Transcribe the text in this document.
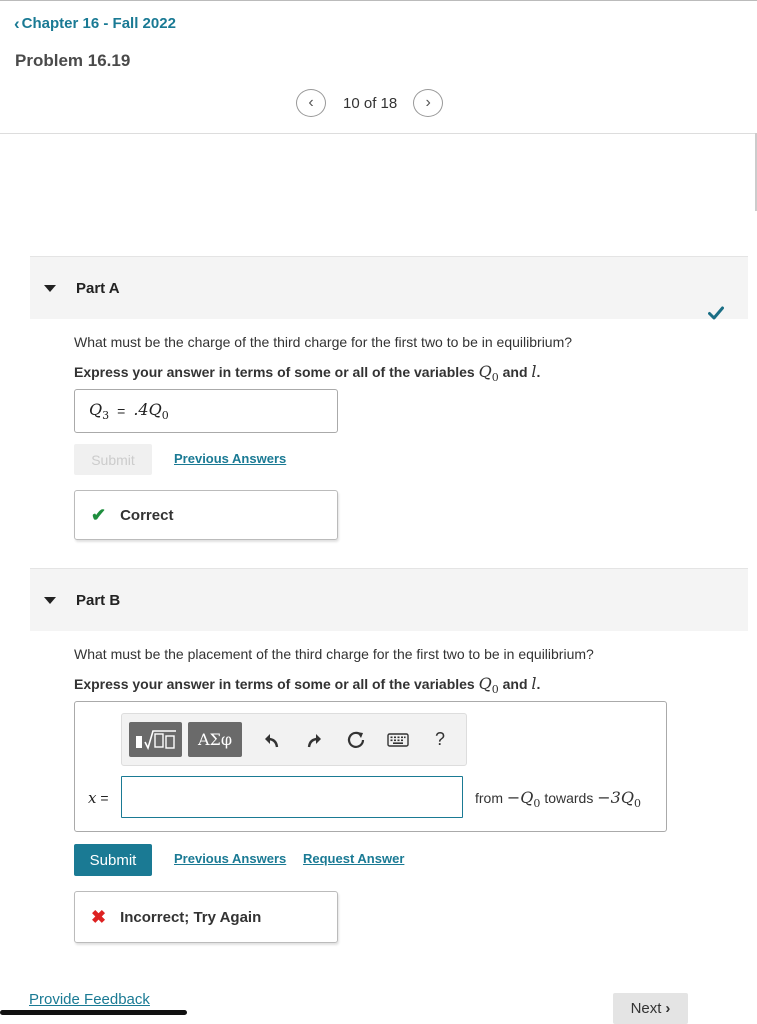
‹ Chapter 16 - Fall 2022
Problem 16.19
‹ 10 of 18 ›
Part A
What must be the charge of the third charge for the first two to be in equilibrium?
Express your answer in terms of some or all of the variables $Q_0$ and l.
$Q_3 = .4Q_0$
Submit	Previous Answers
✔ Correct
Part B
What must be the placement of the third charge for the first two to be in equilibrium?
Express your answer in terms of some or all of the variables $Q_0$ and l.
ΑΣφ	?
x =	from $-Q_0$ towards $-3Q_0$
Submit	Previous Answers Request Answer
✖ Incorrect; Try Again
Provide Feedback
Next ›
